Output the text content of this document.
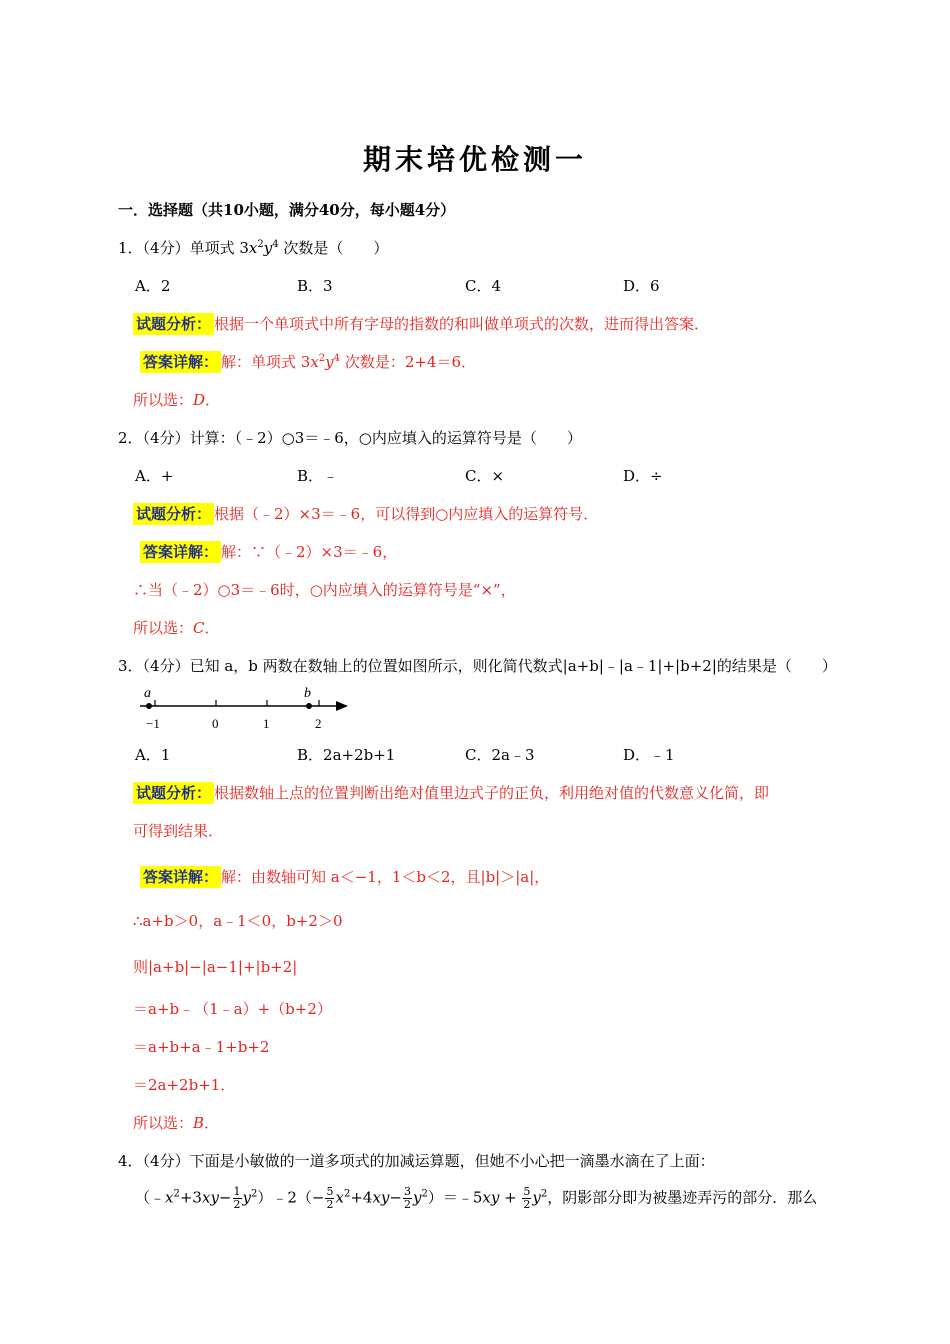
期末培优检测一
一．选择题（共10小题，满分40分，每小题4分）
1．（4分）单项式 $3x^2y^4$ 次数是（　　）
A．2	B．3	C．4	D．6
试题分析： 根据一个单项式中所有字母的指数的和叫做单项式的次数，进而得出答案．
答案详解： 解：单项式 $3x^2y^4$ 次数是：2+4＝6．
所以选：D．
2．（4分）计算：（﹣2）○3＝﹣6，○内应填入的运算符号是（　　）
A．+	B．﹣	C．×	D．÷
试题分析： 根据（﹣2）×3＝﹣6，可以得到○内应填入的运算符号．
答案详解： 解：∵（﹣2）×3＝﹣6，
∴当（﹣2）○3＝﹣6时，○内应填入的运算符号是“×”，
所以选：C．
3．（4分）已知 a，b 两数在数轴上的位置如图所示，则化简代数式|a+b|﹣|a﹣1|+|b+2|的结果是（　　）
a	b
−1	0	1	2
A．1	B．2a+2b+1	C．2a﹣3	D．﹣1
试题分析： 根据数轴上点的位置判断出绝对值里边式子的正负，利用绝对值的代数意义化简，即
可得到结果．
答案详解： 解：由数轴可知 a＜−1，1＜b＜2，且|b|＞|a|，
∴a+b＞0，a﹣1＜0，b+2＞0
则|a+b|−|a−1|+|b+2|
＝a+b﹣（1﹣a）+（b+2）
＝a+b+a﹣1+b+2
＝2a+2b+1．
所以选：B．
4．（4分）下面是小敏做的一道多项式的加减运算题，但她不小心把一滴墨水滴在了上面：
（$﹣x^2+3xy- \frac{1}{2}$ $y^2)﹣2(- \frac{5}{2} x^2+4xy- \frac{3}{2}$ $y^2)=﹣5xy + \frac{5}{2} y^2$，阴影部分即为被墨迹弄污的部分．那么
